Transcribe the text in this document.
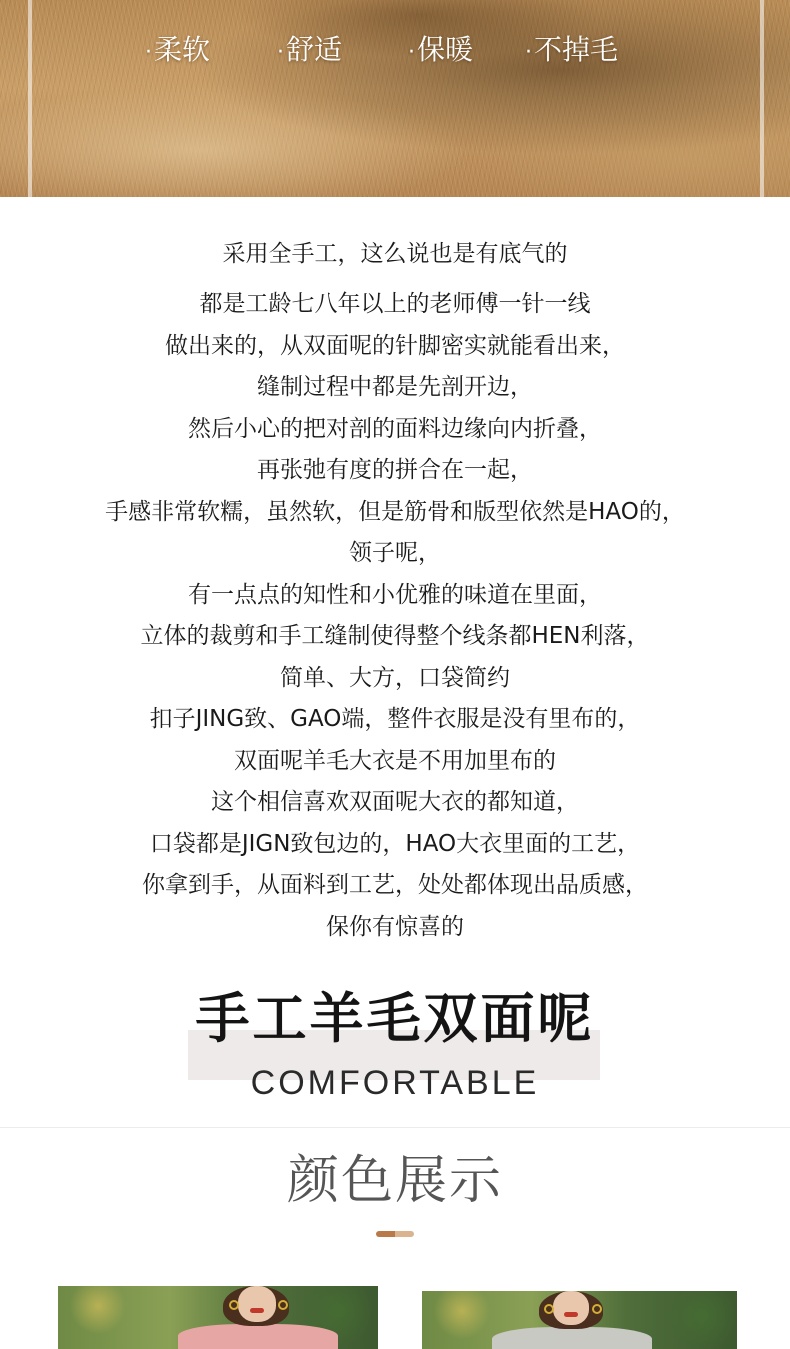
·柔软	·舒适	·保暖 ·不掉毛
采用全手工，这么说也是有底气的
都是工龄七八年以上的老师傅一针一线
做出来的，从双面呢的针脚密实就能看出来，
缝制过程中都是先剖开边，
然后小心的把对剖的面料边缘向内折叠，
再张弛有度的拼合在一起，
手感非常软糯，虽然软，但是筋骨和版型依然是HAO的，
领子呢，
有一点点的知性和小优雅的味道在里面，
立体的裁剪和手工缝制使得整个线条都HEN利落，
简单、大方，口袋简约
扣子JING致、GAO端，整件衣服是没有里布的，
双面呢羊毛大衣是不用加里布的
这个相信喜欢双面呢大衣的都知道，
口袋都是JIGN致包边的，HAO大衣里面的工艺，
你拿到手，从面料到工艺，处处都体现出品质感，
保你有惊喜的
手工羊毛双面呢
COMFORTABLE
颜色展示
